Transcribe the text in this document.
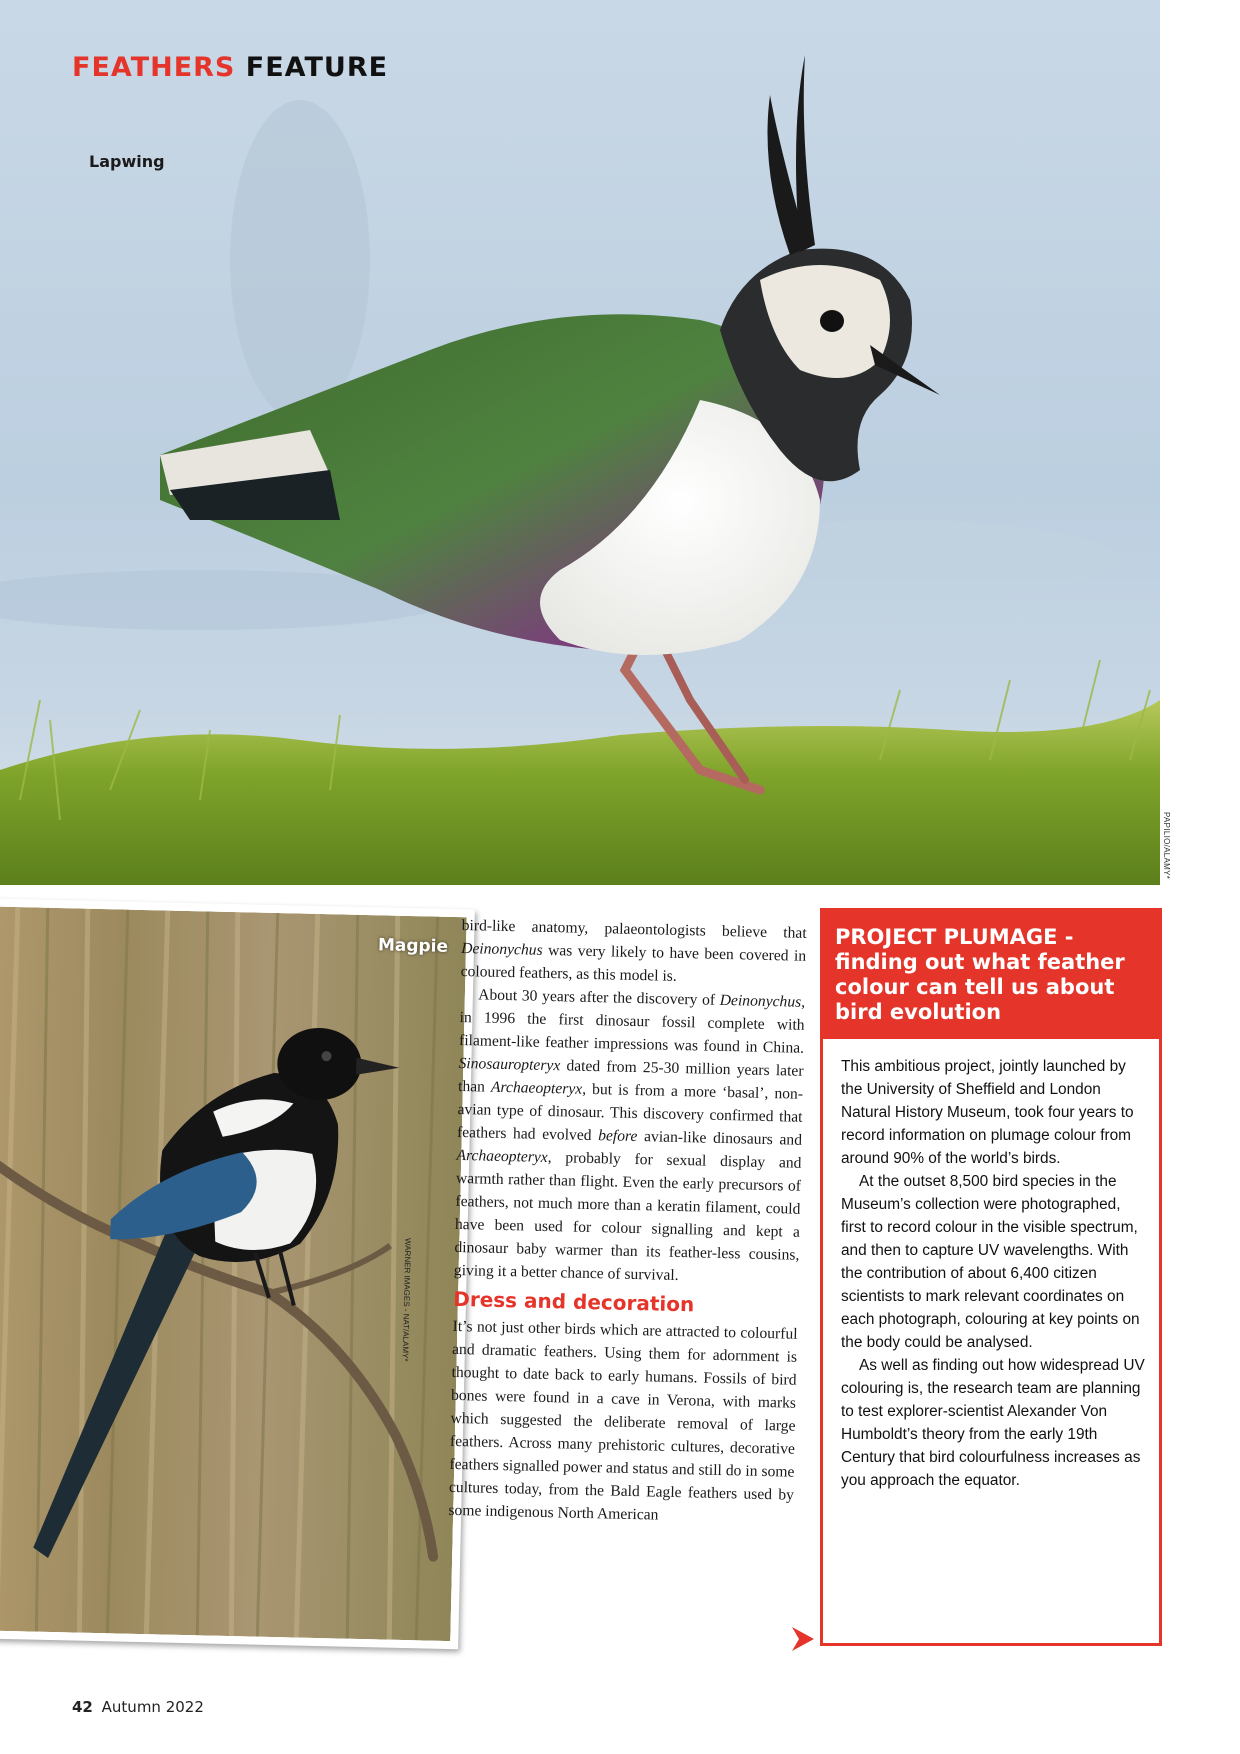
FEATHERS FEATURE
Lapwing
PAPILIO/ALAMY*
Magpie
WARNER IMAGES - NAT/ALAMY*

bird-like anatomy, palaeontologists believe that Deinonychus was very likely to have been covered in coloured feathers, as this model is.

About 30 years after the discovery of Deinonychus, in 1996 the first dinosaur fossil complete with filament-like feather impressions was found in China. Sinosauropteryx dated from 25-30 million years later than Archaeopteryx, but is from a more ‘basal’, non-avian type of dinosaur. This discovery confirmed that feathers had evolved before avian-like dinosaurs and Archaeopteryx, probably for sexual display and warmth rather than flight. Even the early precursors of feathers, not much more than a keratin filament, could have been used for colour signalling and kept a dinosaur baby warmer than its feather-less cousins, giving it a better chance of survival.

Dress and decoration

It’s not just other birds which are attracted to colourful and dramatic feathers. Using them for adornment is thought to date back to early humans. Fossils of bird bones were found in a cave in Verona, with marks which suggested the deliberate removal of large feathers. Across many prehistoric cultures, decorative feathers signalled power and status and still do in some cultures today, from the Bald Eagle feathers used by some indigenous North American

PROJECT PLUMAGE - finding out what feather colour can tell us about bird evolution

This ambitious project, jointly launched by the University of Sheffield and London Natural History Museum, took four years to record information on plumage colour from around 90% of the world’s birds.

At the outset 8,500 bird species in the Museum’s collection were photographed, first to record colour in the visible spectrum, and then to capture UV wavelengths. With the contribution of about 6,400 citizen scientists to mark relevant coordinates on each photograph, colouring at key points on the body could be analysed.

As well as finding out how widespread UV colouring is, the research team are planning to test explorer-scientist Alexander Von Humboldt’s theory from the early 19th Century that bird colourfulness increases as you approach the equator.

42 Autumn 2022
